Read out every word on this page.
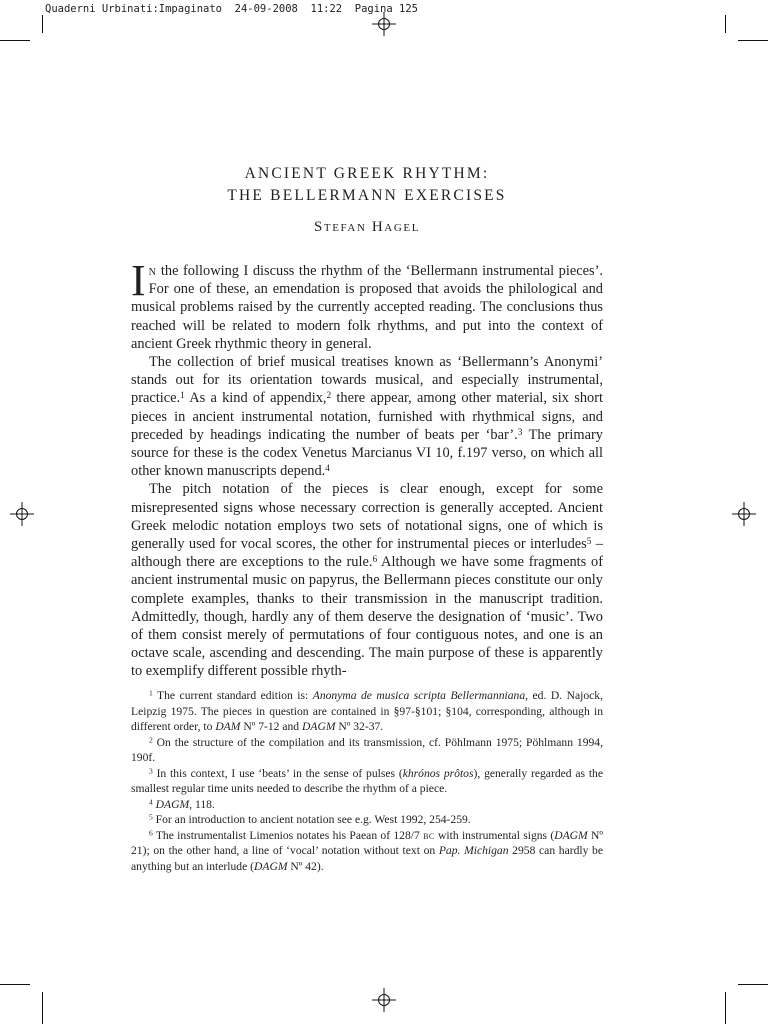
Quaderni Urbinati:Impaginato  24-09-2008  11:22  Pagina 125
ANCIENT GREEK RHYTHM:
THE BELLERMANN EXERCISES
Stefan Hagel

In the following I discuss the rhythm of the ‘Bellermann instrumental pieces’. For one of these, an emendation is proposed that avoids the philological and musical problems raised by the currently accepted reading. The conclusions thus reached will be related to modern folk rhythms, and put into the context of ancient Greek rhythmic theory in general.

The collection of brief musical treatises known as ‘Bellermann’s Anonymi’ stands out for its orientation towards musical, and especially instrumental, practice.$^1$ As a kind of appendix,$^2$ there appear, among other material, six short pieces in ancient instrumental notation, furnished with rhythmical signs, and preceded by headings indicating the number of beats per ‘bar’.$^3$ The primary source for these is the codex Venetus Marcianus VI 10, f.197 verso, on which all other known manuscripts depend.$^4$

The pitch notation of the pieces is clear enough, except for some misrepresented signs whose necessary correction is generally accepted. Ancient Greek melodic notation employs two sets of notational signs, one of which is generally used for vocal scores, the other for instrumental pieces or interludes$^5$ – although there are exceptions to the rule.$^6$ Although we have some fragments of ancient instrumental music on papyrus, the Bellermann pieces constitute our only complete examples, thanks to their transmission in the manuscript tradition. Admittedly, though, hardly any of them deserve the designation of ‘music’. Two of them consist merely of permutations of four contiguous notes, and one is an octave scale, ascending and descending. The main purpose of these is apparently to exemplify different possible rhyth-

$^1$ The current standard edition is: Anonyma de musica scripta Bellermanniana, ed. D. Najock, Leipzig 1975. The pieces in question are contained in §97-§101; §104, corresponding, although in different order, to DAM Nº 7-12 and DAGM Nº 32-37.

$^2$ On the structure of the compilation and its transmission, cf. Pöhlmann 1975; Pöhlmann 1994, 190f.

$^3$ In this context, I use ‘beats’ in the sense of pulses (khrónos prôtos), generally regarded as the smallest regular time units needed to describe the rhythm of a piece.

$^4$ DAGM, 118.

$^5$ For an introduction to ancient notation see e.g. West 1992, 254-259.

$^6$ The instrumentalist Limenios notates his Paean of 128/7 bc with instrumental signs (DAGM Nº 21); on the other hand, a line of ‘vocal’ notation without text on Pap. Michigan 2958 can hardly be anything but an interlude (DAGM Nº 42).
